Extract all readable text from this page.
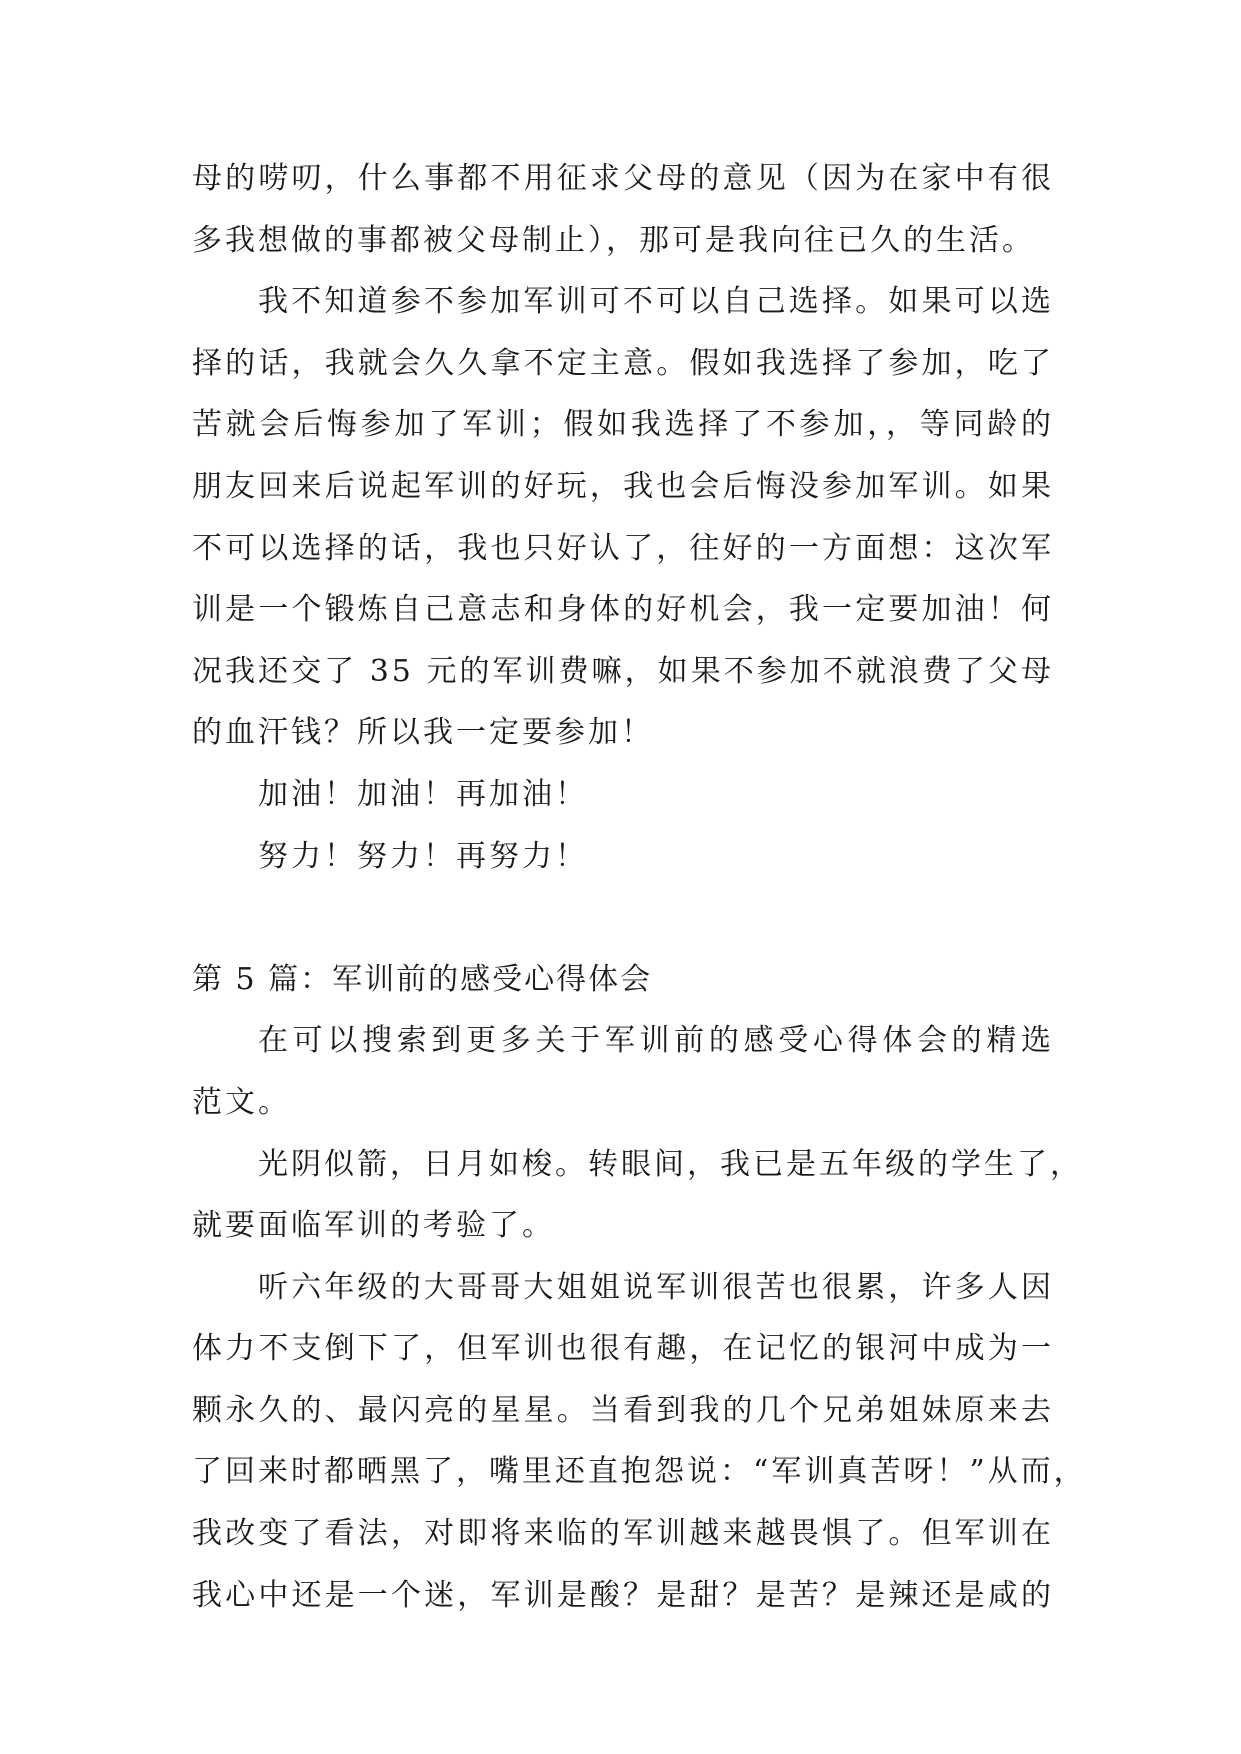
母的唠叨，什么事都不用征求父母的意见（因为在家中有很
多我想做的事都被父母制止），那可是我向往已久的生活。
我不知道参不参加军训可不可以自己选择。如果可以选
择的话，我就会久久拿不定主意。假如我选择了参加，吃了
苦就会后悔参加了军训；假如我选择了不参加，，等同龄的
朋友回来后说起军训的好玩，我也会后悔没参加军训。如果
不可以选择的话，我也只好认了，往好的一方面想：这次军
训是一个锻炼自己意志和身体的好机会，我一定要加油！何
况我还交了 35 元的军训费嘛，如果不参加不就浪费了父母
的血汗钱？所以我一定要参加！
加油！加油！再加油！
努力！努力！再努力！
第 5 篇：军训前的感受心得体会
在可以搜索到更多关于军训前的感受心得体会的精选
范文。
光阴似箭，日月如梭。转眼间，我已是五年级的学生了，
就要面临军训的考验了。
听六年级的大哥哥大姐姐说军训很苦也很累，许多人因
体力不支倒下了，但军训也很有趣，在记忆的银河中成为一
颗永久的、最闪亮的星星。当看到我的几个兄弟姐妹原来去
了回来时都晒黑了，嘴里还直抱怨说：“军训真苦呀！”从而，
我改变了看法，对即将来临的军训越来越畏惧了。但军训在
我心中还是一个迷，军训是酸？是甜？是苦？是辣还是咸的
